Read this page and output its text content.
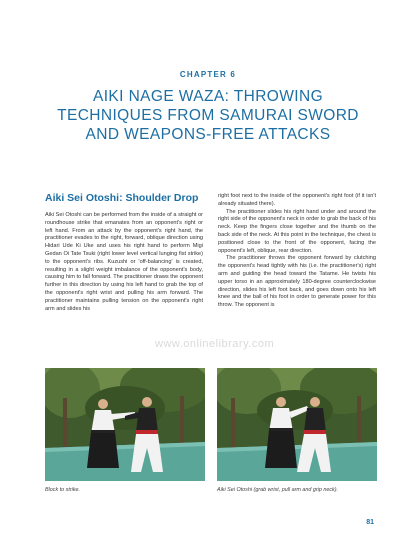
CHAPTER 6
AIKI NAGE WAZA: THROWING TECHNIQUES FROM SAMURAI SWORD AND WEAPONS-FREE ATTACKS
Aiki Sei Otoshi: Shoulder Drop

Aiki Sei Otoshi can be performed from the inside of a straight or roundhouse strike that emanates from an opponent's right or left hand. From an attack by the opponent's right hand, the practitioner evades to the right, forward, oblique direction using Hidari Ude Ki Uke and uses his right hand to perform Migi Gedan Oi Tate Tsuki (right lower level vertical lunging fist strike) to the opponent's ribs. Kuzushi or 'off-balancing' is created, resulting in a slight weight imbalance of the opponent's body, causing him to fall forward. The practitioner draws the opponent further in this direction by using his left hand to grab the top of the opponent's right wrist and pulling his arm forward. The practitioner maintains pulling tension on the opponent's right arm and slides his

right foot next to the inside of the opponent's right foot (if it isn't already situated there).

The practitioner slides his right hand under and around the right side of the opponent's neck in order to grab the back of his neck. Keep the fingers close together and the thumb on the back side of the neck. At this point in the technique, the chest is positioned close to the front of the opponent, facing the opponent's left, oblique, rear direction.

The practitioner throws the opponent forward by clutching the opponent's head tightly with his (i.e. the practitioner's) right arm and guiding the head toward the Tatame. He twists his upper torso in an approximately 180-degree counterclockwise direction, slides his left foot back, and goes down onto his left knee and the ball of his foot in order to generate power for this throw. The opponent is

www.onlinelibrary.com
Block to strike.	Aiki Sei Otoshi (grab wrist, pull arm and grip neck).
81
